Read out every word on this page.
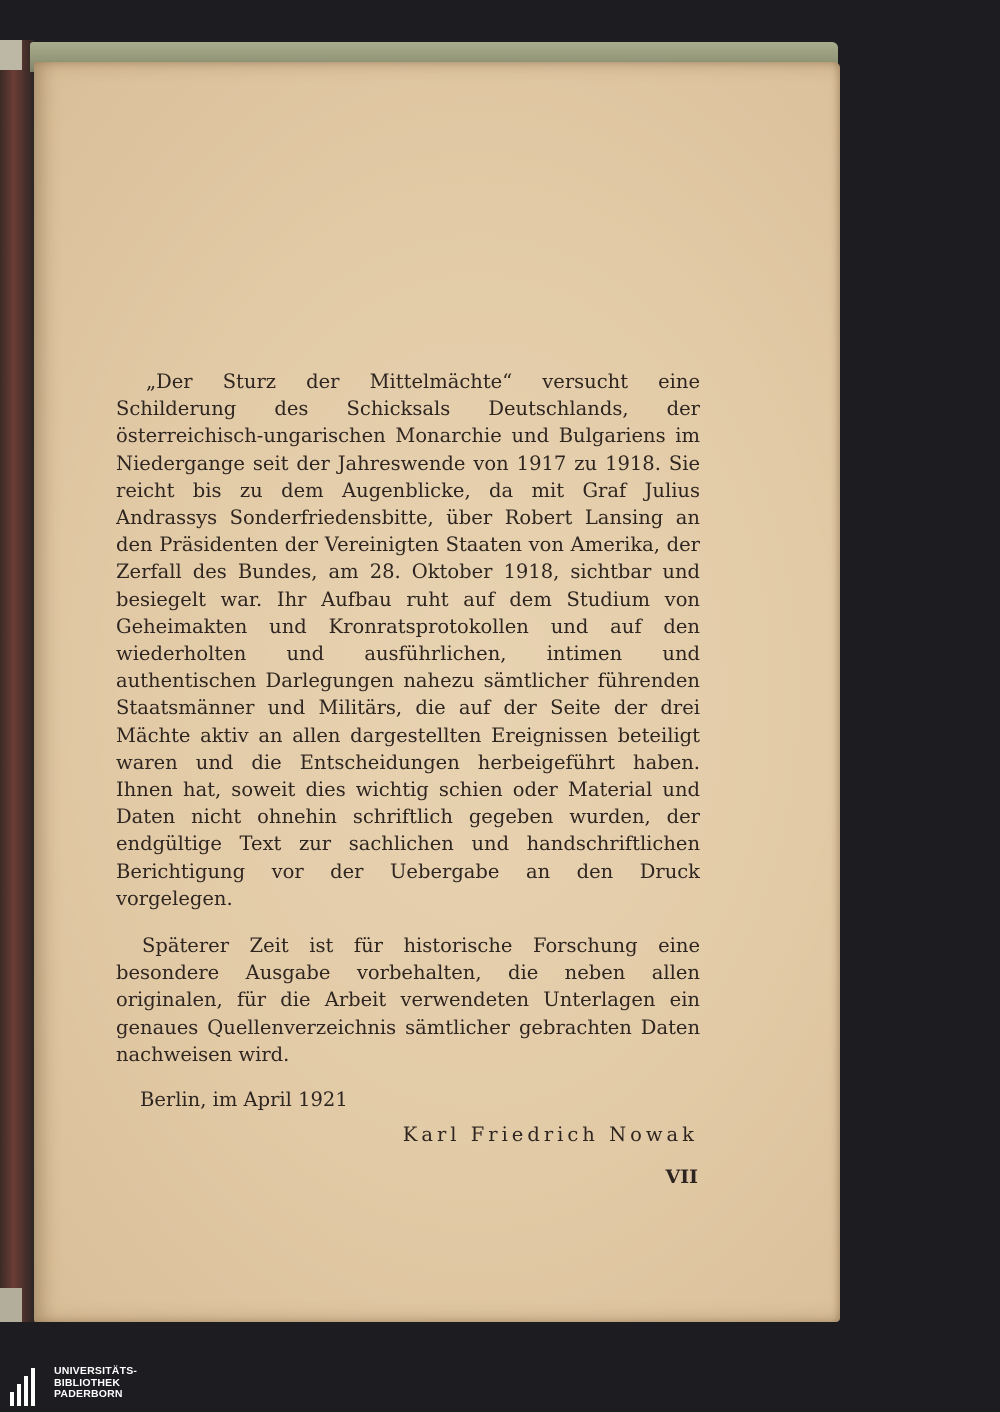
„Der Sturz der Mittelmächte“ versucht eine Schilderung des Schicksals Deutschlands, der österreichisch-ungarischen Monarchie und Bulgariens im Niedergange seit der Jahreswende von 1917 zu 1918. Sie reicht bis zu dem Augenblicke, da mit Graf Julius Andrassys Sonderfriedensbitte, über Robert Lansing an den Präsidenten der Vereinigten Staaten von Amerika, der Zerfall des Bundes, am 28. Oktober 1918, sichtbar und besiegelt war. Ihr Aufbau ruht auf dem Studium von Geheimakten und Kronratsprotokollen und auf den wiederholten und ausführlichen, intimen und authentischen Darlegungen nahezu sämtlicher führenden Staatsmänner und Militärs, die auf der Seite der drei Mächte aktiv an allen dargestellten Ereignissen beteiligt waren und die Entscheidungen herbeigeführt haben. Ihnen hat, soweit dies wichtig schien oder Material und Daten nicht ohnehin schriftlich gegeben wurden, der endgültige Text zur sachlichen und handschriftlichen Berichtigung vor der Uebergabe an den Druck vorgelegen.

Späterer Zeit ist für historische Forschung eine besondere Ausgabe vorbehalten, die neben allen originalen, für die Arbeit verwendeten Unterlagen ein genaues Quellenverzeichnis sämtlicher gebrachten Daten nachweisen wird.

Berlin, im April 1921

Karl Friedrich Nowak

VII
UNIVERSITÄTS-
BIBLIOTHEK
PADERBORN
